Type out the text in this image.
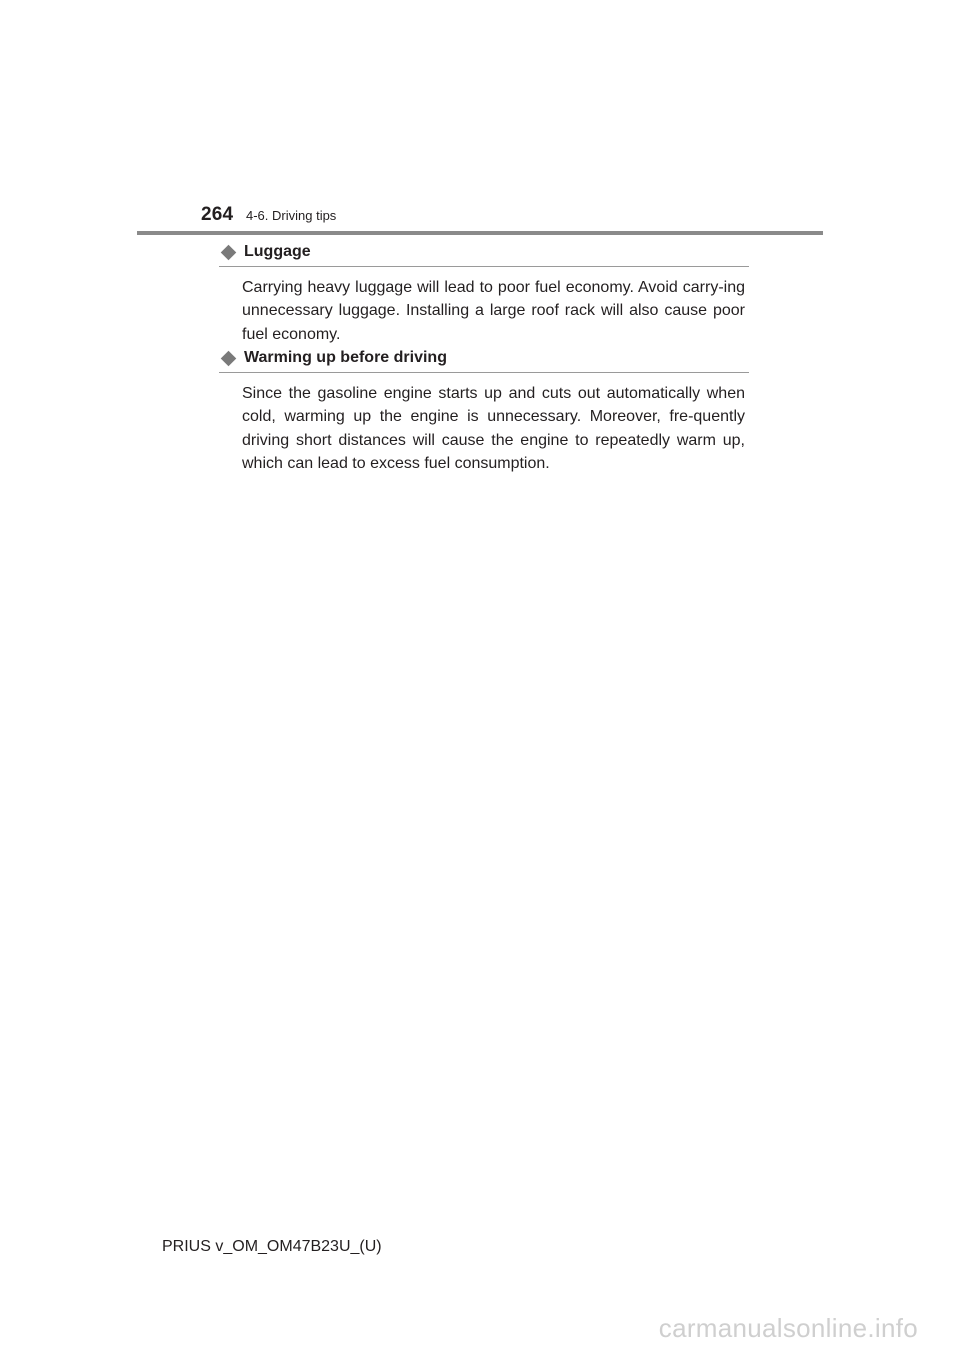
264 4-6. Driving tips
Luggage
Carrying heavy luggage will lead to poor fuel economy. Avoid carry-ing unnecessary luggage. Installing a large roof rack will also cause poor fuel economy.
Warming up before driving
Since the gasoline engine starts up and cuts out automatically when cold, warming up the engine is unnecessary. Moreover, fre-quently driving short distances will cause the engine to repeatedly warm up, which can lead to excess fuel consumption.
PRIUS v_OM_OM47B23U_(U)
carmanualsonline.info
